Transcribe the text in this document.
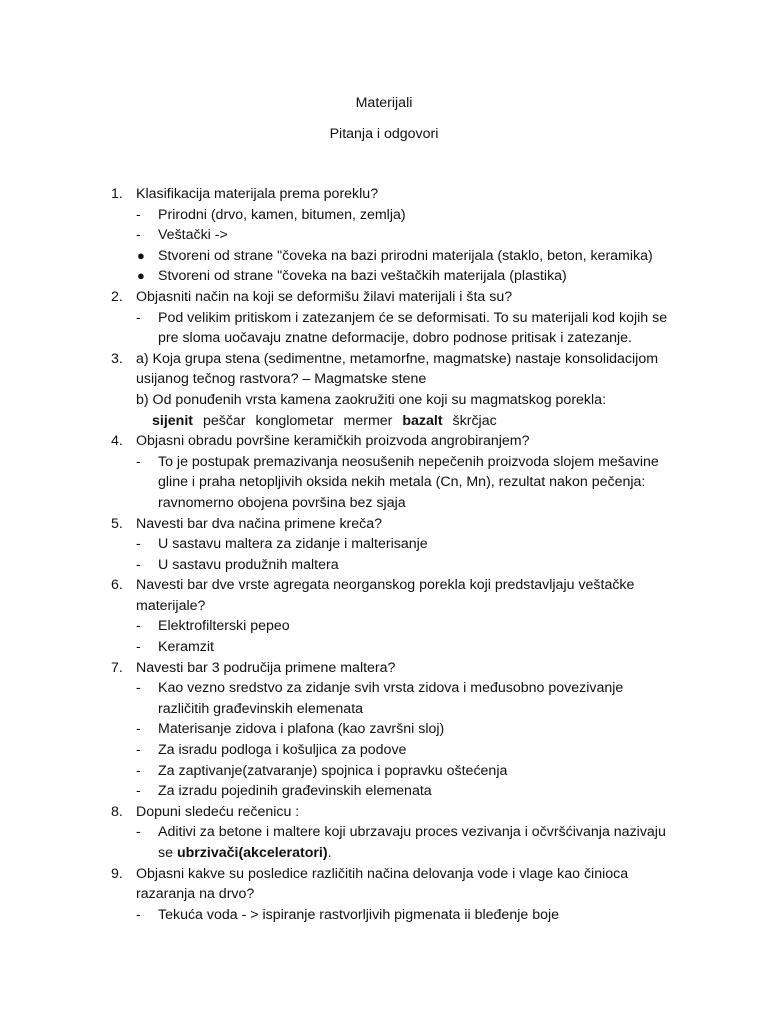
Materijali
Pitanja i odgovori
1. Klasifikacija materijala prema poreklu?
- Prirodni (drvo, kamen, bitumen, zemlja)
- Veštački ->
● Stvoreni od strane "čoveka na bazi prirodni materijala (staklo, beton, keramika)
● Stvoreni od strane "čoveka na bazi veštačkih materijala (plastika)
2. Objasniti način na koji se deformišu žilavi materijali i šta su?
- Pod velikim pritiskom i zatezanjem će se deformisati. To su materijali kod kojih se pre sloma uočavaju znatne deformacije, dobro podnose pritisak i zatezanje.
3. a) Koja grupa stena (sedimentne, metamorfne, magmatske) nastaje konsolidacijom usijanog tečnog rastvora? – Magmatske stene
b) Od ponuđenih vrsta kamena zaokružiti one koji su magmatskog porekla:
sijenit peščar konglometar mermer bazalt škrčjac
4. Objasni obradu površine keramičkih proizvoda angrobiranjem?
- To je postupak premazivanja neosušenih nepečenih proizvoda slojem mešavine gline i praha netopljivih oksida nekih metala (Cn, Mn), rezultat nakon pečenja: ravnomerno obojena površina bez sjaja
5. Navesti bar dva načina primene kreča?
- U sastavu maltera za zidanje i malterisanje
- U sastavu produžnih maltera
6. Navesti bar dve vrste agregata neorganskog porekla koji predstavljaju veštačke materijale?
- Elektrofilterski pepeo
- Keramzit
7. Navesti bar 3 područija primene maltera?
- Kao vezno sredstvo za zidanje svih vrsta zidova i međusobno povezivanje različitih građevinskih elemenata
- Materisanje zidova i plafona (kao završni sloj)
- Za isradu podloga i košuljica za podove
- Za zaptivanje(zatvaranje) spojnica i popravku oštećenja
- Za izradu pojedinih građevinskih elemenata
8. Dopuni sledeću rečenicu :
- Aditivi za betone i maltere koji ubrzavaju proces vezivanja i očvršćivanja nazivaju se ubrzivači(akceleratori).
9. Objasni kakve su posledice različitih načina delovanja vode i vlage kao činioca razaranja na drvo?
- Tekuća voda - > ispiranje rastvorljivih pigmenata ii bleđenje boje
